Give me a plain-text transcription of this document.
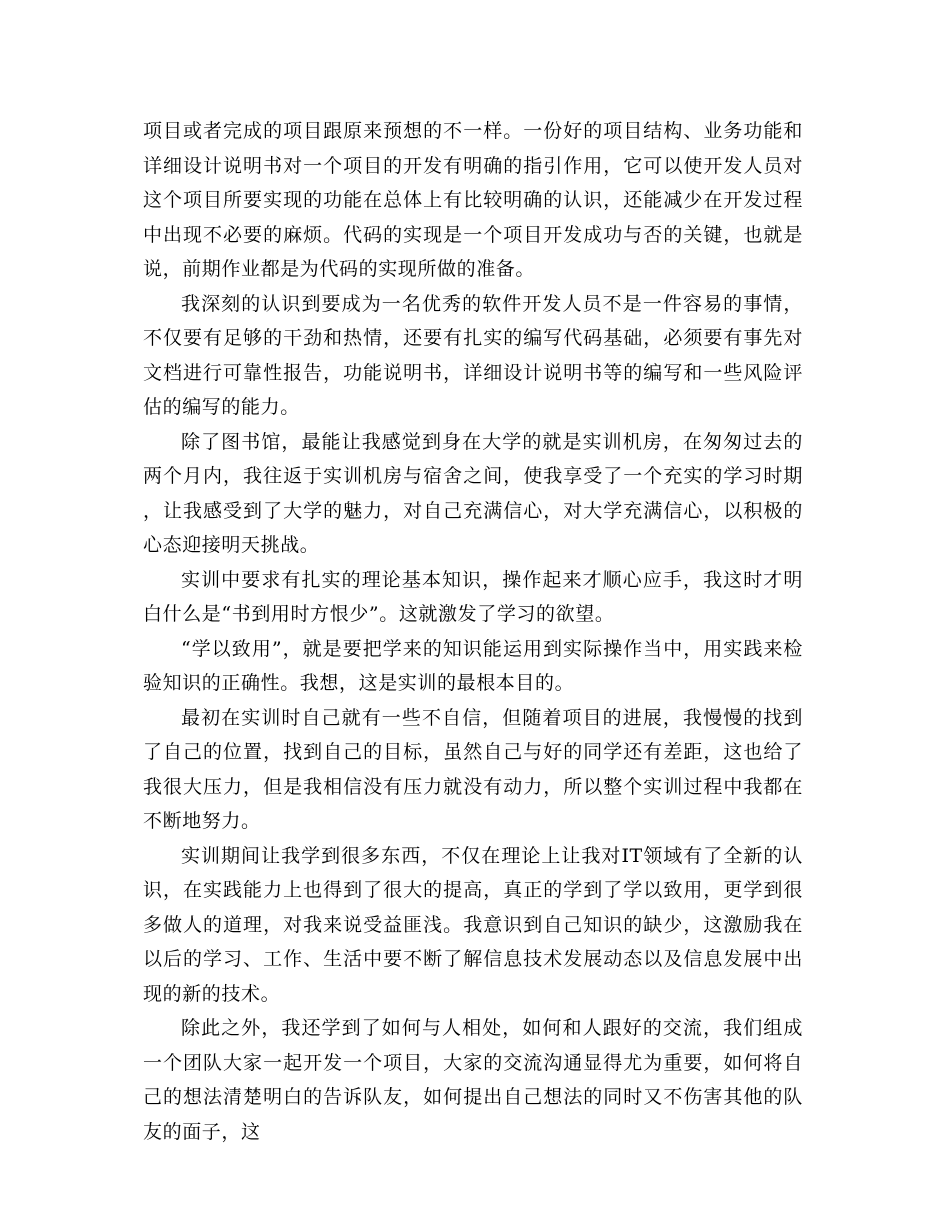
项目或者完成的项目跟原来预想的不一样。一份好的项目结构、业务功能和详细设计说明书对一个项目的开发有明确的指引作用，它可以使开发人员对这个项目所要实现的功能在总体上有比较明确的认识，还能减少在开发过程中出现不必要的麻烦。代码的实现是一个项目开发成功与否的关键，也就是说，前期作业都是为代码的实现所做的准备。

我深刻的认识到要成为一名优秀的软件开发人员不是一件容易的事情，不仅要有足够的干劲和热情，还要有扎实的编写代码基础，必须要有事先对文档进行可靠性报告，功能说明书，详细设计说明书等的编写和一些风险评估的编写的能力。

除了图书馆，最能让我感觉到身在大学的就是实训机房，在匆匆过去的两个月内，我往返于实训机房与宿舍之间，使我享受了一个充实的学习时期，让我感受到了大学的魅力，对自己充满信心，对大学充满信心，以积极的心态迎接明天挑战。

实训中要求有扎实的理论基本知识，操作起来才顺心应手，我这时才明白什么是“书到用时方恨少”。这就激发了学习的欲望。

“学以致用”，就是要把学来的知识能运用到实际操作当中，用实践来检验知识的正确性。我想，这是实训的最根本目的。

最初在实训时自己就有一些不自信，但随着项目的进展，我慢慢的找到了自己的位置，找到自己的目标，虽然自己与好的同学还有差距，这也给了我很大压力，但是我相信没有压力就没有动力，所以整个实训过程中我都在不断地努力。

实训期间让我学到很多东西，不仅在理论上让我对IT领域有了全新的认识，在实践能力上也得到了很大的提高，真正的学到了学以致用，更学到很多做人的道理，对我来说受益匪浅。我意识到自己知识的缺少，这激励我在以后的学习、工作、生活中要不断了解信息技术发展动态以及信息发展中出现的新的技术。

除此之外，我还学到了如何与人相处，如何和人跟好的交流，我们组成一个团队大家一起开发一个项目，大家的交流沟通显得尤为重要，如何将自己的想法清楚明白的告诉队友，如何提出自己想法的同时又不伤害其他的队友的面子，这
